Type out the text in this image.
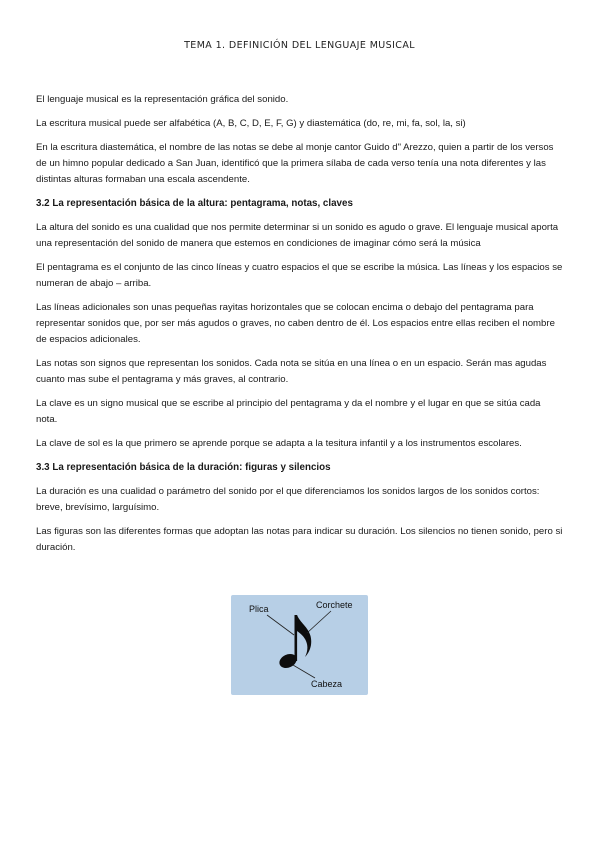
TEMA 1. DEFINICIÓN DEL LENGUAJE MUSICAL

El lenguaje musical es la representación gráfica del sonido.

La escritura musical puede ser alfabética (A, B, C, D, E, F, G) y diastemática (do, re, mi, fa, sol, la, si)

En la escritura diastemática, el nombre de las notas se debe al monje cantor Guido d" Arezzo, quien a partir de los versos de un himno popular dedicado a San Juan, identificó que la primera sílaba de cada verso tenía una nota diferentes y las distintas alturas formaban una escala ascendente.

3.2 La representación básica de la altura: pentagrama, notas, claves

La altura del sonido es una cualidad que nos permite determinar si un sonido es agudo o grave. El lenguaje musical aporta una representación del sonido de manera que estemos en condiciones de imaginar cómo será la música

El pentagrama es el conjunto de las cinco líneas y cuatro espacios el que se escribe la música. Las líneas y los espacios se numeran de abajo – arriba.

Las líneas adicionales son unas pequeñas rayitas horizontales que se colocan encima o debajo del pentagrama para representar sonidos que, por ser más agudos o graves, no caben dentro de él. Los espacios entre ellas reciben el nombre de espacios adicionales.

Las notas son signos que representan los sonidos. Cada nota se sitúa en una línea o en un espacio. Serán mas agudas cuanto mas sube el pentagrama y más graves, al contrario.

La clave es un signo musical que se escribe al principio del pentagrama y da el nombre y el lugar en que se sitúa cada nota.

La clave de sol es la que primero se aprende porque se adapta a la tesitura infantil y a los instrumentos escolares.

3.3 La representación básica de la duración: figuras y silencios

La duración es una cualidad o parámetro del sonido por el que diferenciamos los sonidos largos de los sonidos cortos: breve, brevísimo, larguísimo.

Las figuras son las diferentes formas que adoptan las notas para indicar su duración. Los silencios no tienen sonido, pero si duración.

Plica	Corchete
Cabeza
